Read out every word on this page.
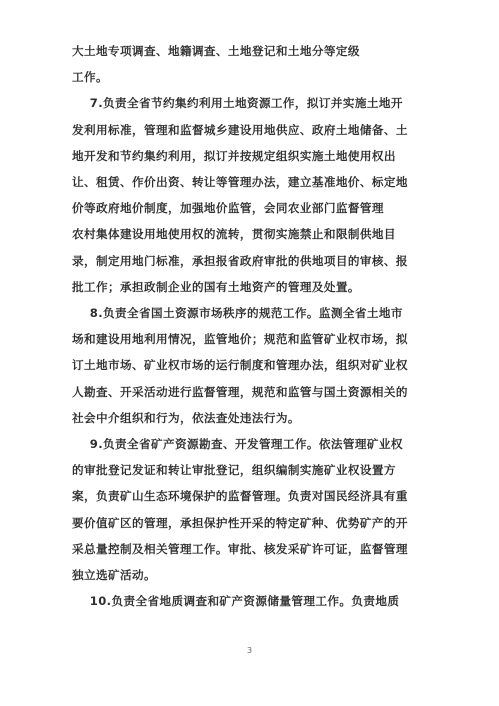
大土地专项调查、地籍调查、土地登记和土地分等定级
工作。

7.负责全省节约集约利用土地资源工作，拟订并实施土地开
发利用标准，管理和监督城乡建设用地供应、政府土地储备、土
地开发和节约集约利用，拟订并按规定组织实施土地使用权出
让、租赁、作价出资、转让等管理办法，建立基准地价、标定地
价等政府地价制度，加强地价监管，会同农业部门监督管理
农村集体建设用地使用权的流转，贯彻实施禁止和限制供地目
录，制定用地门标准，承担报省政府审批的供地项目的审核、报
批工作；承担政制企业的国有土地资产的管理及处置。

8.负责全省国土资源市场秩序的规范工作。监测全省土地市
场和建设用地利用情况，监管地价；规范和监管矿业权市场，拟
订土地市场、矿业权市场的运行制度和管理办法，组织对矿业权
人勘查、开采活动进行监督管理，规范和监管与国土资源相关的
社会中介组织和行为，依法查处违法行为。

9.负责全省矿产资源勘查、开发管理工作。依法管理矿业权
的审批登记发证和转让审批登记，组织编制实施矿业权设置方
案，负责矿山生态环境保护的监督管理。负责对国民经济具有重
要价值矿区的管理，承担保护性开采的特定矿种、优势矿产的开
采总量控制及相关管理工作。审批、核发采矿许可证，监督管理
独立选矿活动。

10.负责全省地质调查和矿产资源储量管理工作。负责地质

3
